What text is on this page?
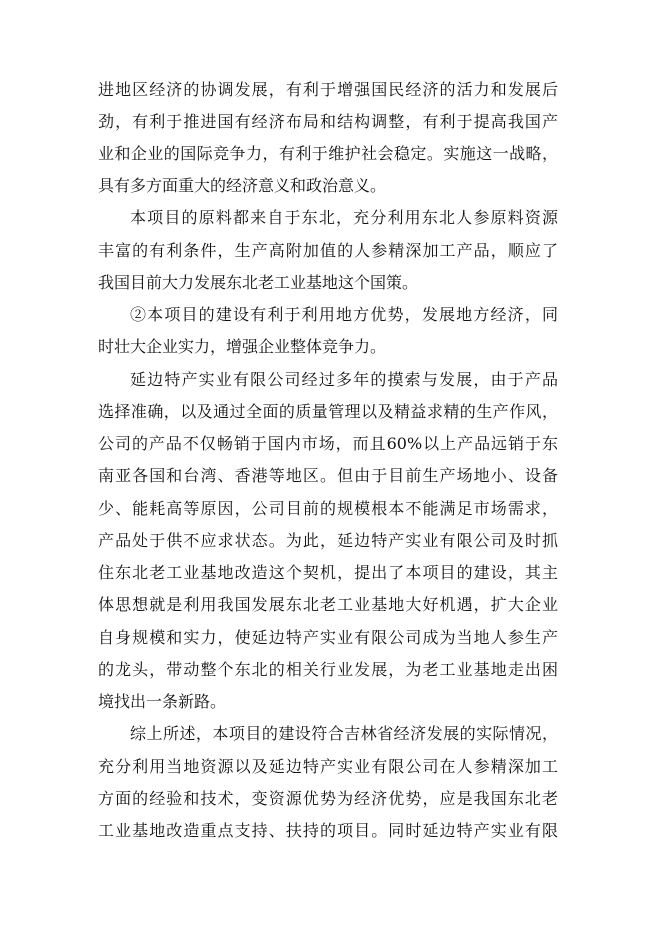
进地区经济的协调发展，有利于增强国民经济的活力和发展后
劲，有利于推进国有经济布局和结构调整，有利于提高我国产
业和企业的国际竞争力，有利于维护社会稳定。实施这一战略，
具有多方面重大的经济意义和政治意义。
本项目的原料都来自于东北，充分利用东北人参原料资源
丰富的有利条件，生产高附加值的人参精深加工产品，顺应了
我国目前大力发展东北老工业基地这个国策。
②本项目的建设有利于利用地方优势，发展地方经济，同
时壮大企业实力，增强企业整体竞争力。
延边特产实业有限公司经过多年的摸索与发展，由于产品
选择准确，以及通过全面的质量管理以及精益求精的生产作风，
公司的产品不仅畅销于国内市场，而且60%以上产品远销于东
南亚各国和台湾、香港等地区。但由于目前生产场地小、设备
少、能耗高等原因，公司目前的规模根本不能满足市场需求，
产品处于供不应求状态。为此，延边特产实业有限公司及时抓
住东北老工业基地改造这个契机，提出了本项目的建设，其主
体思想就是利用我国发展东北老工业基地大好机遇，扩大企业
自身规模和实力，使延边特产实业有限公司成为当地人参生产
的龙头，带动整个东北的相关行业发展，为老工业基地走出困
境找出一条新路。
综上所述，本项目的建设符合吉林省经济发展的实际情况，
充分利用当地资源以及延边特产实业有限公司在人参精深加工
方面的经验和技术，变资源优势为经济优势，应是我国东北老
工业基地改造重点支持、扶持的项目。同时延边特产实业有限
